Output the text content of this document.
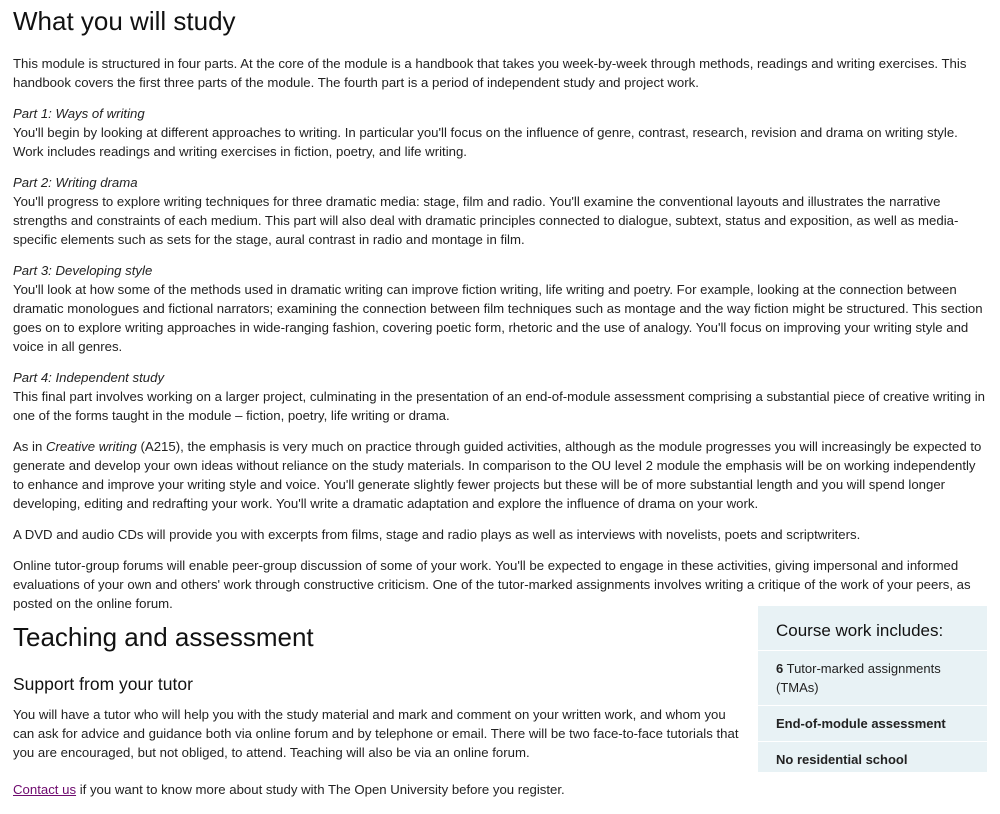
What you will study

This module is structured in four parts. At the core of the module is a handbook that takes you week-by-week through methods, readings and writing exercises. This handbook covers the first three parts of the module. The fourth part is a period of independent study and project work.

Part 1: Ways of writing
You'll begin by looking at different approaches to writing. In particular you'll focus on the influence of genre, contrast, research, revision and drama on writing style. Work includes readings and writing exercises in fiction, poetry, and life writing.

Part 2: Writing drama
You'll progress to explore writing techniques for three dramatic media: stage, film and radio. You'll examine the conventional layouts and illustrates the narrative strengths and constraints of each medium. This part will also deal with dramatic principles connected to dialogue, subtext, status and exposition, as well as media-specific elements such as sets for the stage, aural contrast in radio and montage in film.

Part 3: Developing style
You'll look at how some of the methods used in dramatic writing can improve fiction writing, life writing and poetry. For example, looking at the connection between dramatic monologues and fictional narrators; examining the connection between film techniques such as montage and the way fiction might be structured. This section goes on to explore writing approaches in wide-ranging fashion, covering poetic form, rhetoric and the use of analogy. You'll focus on improving your writing style and voice in all genres.

Part 4: Independent study
This final part involves working on a larger project, culminating in the presentation of an end-of-module assessment comprising a substantial piece of creative writing in one of the forms taught in the module – fiction, poetry, life writing or drama.

As in Creative writing (A215), the emphasis is very much on practice through guided activities, although as the module progresses you will increasingly be expected to generate and develop your own ideas without reliance on the study materials. In comparison to the OU level 2 module the emphasis will be on working independently to enhance and improve your writing style and voice. You'll generate slightly fewer projects but these will be of more substantial length and you will spend longer developing, editing and redrafting your work. You'll write a dramatic adaptation and explore the influence of drama on your work.

A DVD and audio CDs will provide you with excerpts from films, stage and radio plays as well as interviews with novelists, poets and scriptwriters.

Online tutor-group forums will enable peer-group discussion of some of your work. You'll be expected to engage in these activities, giving impersonal and informed evaluations of your own and others' work through constructive criticism. One of the tutor-marked assignments involves writing a critique of the work of your peers, as posted on the online forum.

Teaching and assessment
Support from your tutor

You will have a tutor who will help you with the study material and mark and comment on your written work, and whom you can ask for advice and guidance both via online forum and by telephone or email. There will be two face-to-face tutorials that you are encouraged, but not obliged, to attend. Teaching will also be via an online forum.

Contact us if you want to know more about study with The Open University before you register.

Course work includes:
6 Tutor-marked assignments (TMAs)
End-of-module assessment
No residential school
